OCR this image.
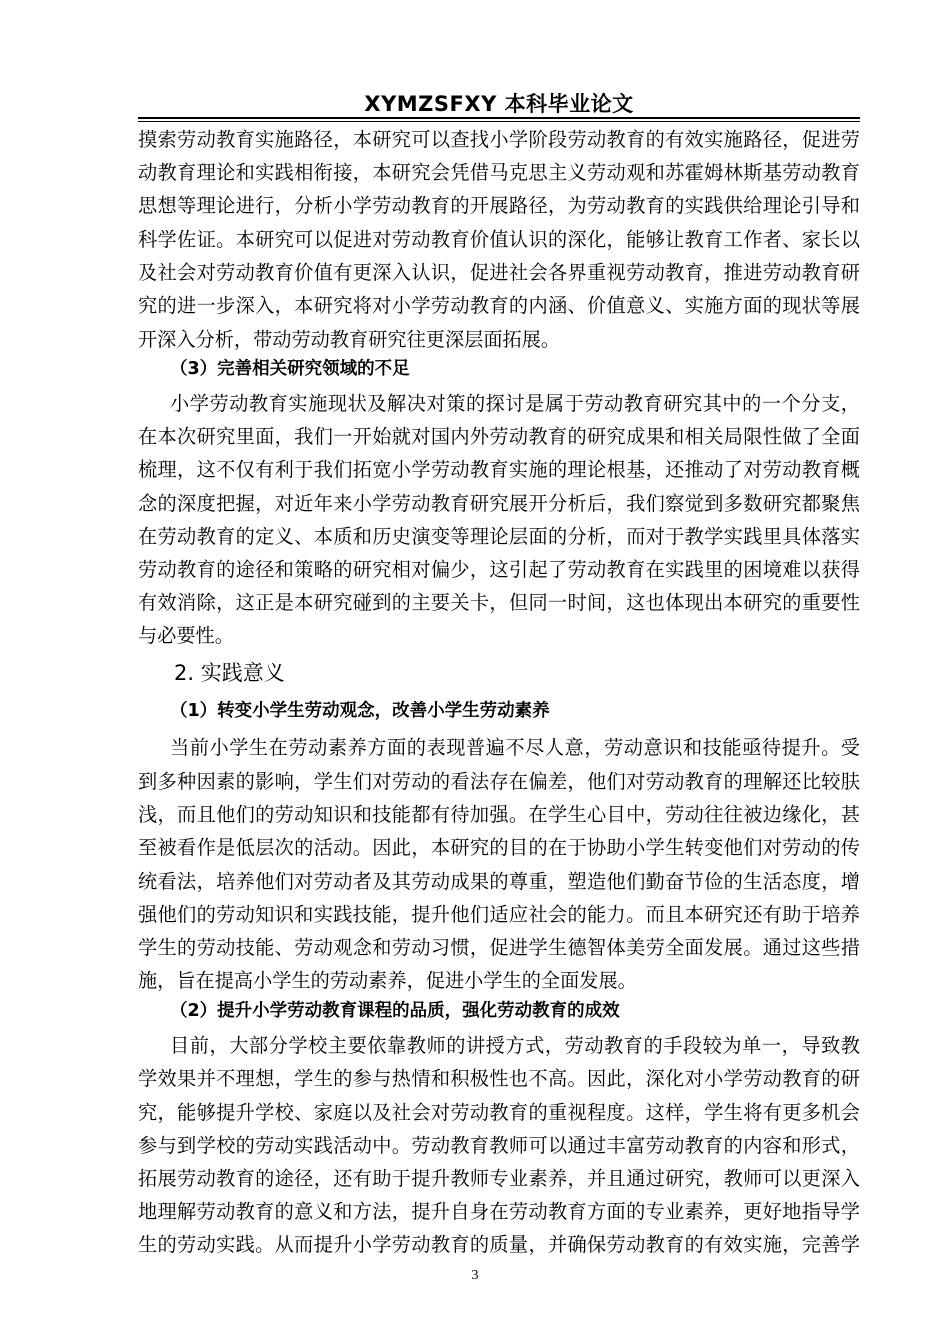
XYMZSFXY 本科毕业论文
摸索劳动教育实施路径，本研究可以查找小学阶段劳动教育的有效实施路径，促进劳
动教育理论和实践相衔接，本研究会凭借马克思主义劳动观和苏霍姆林斯基劳动教育
思想等理论进行，分析小学劳动教育的开展路径，为劳动教育的实践供给理论引导和
科学佐证。本研究可以促进对劳动教育价值认识的深化，能够让教育工作者、家长以
及社会对劳动教育价值有更深入认识，促进社会各界重视劳动教育，推进劳动教育研
究的进一步深入，本研究将对小学劳动教育的内涵、价值意义、实施方面的现状等展
开深入分析，带动劳动教育研究往更深层面拓展。
（3）完善相关研究领域的不足
小学劳动教育实施现状及解决对策的探讨是属于劳动教育研究其中的一个分支，
在本次研究里面，我们一开始就对国内外劳动教育的研究成果和相关局限性做了全面
梳理，这不仅有利于我们拓宽小学劳动教育实施的理论根基，还推动了对劳动教育概
念的深度把握，对近年来小学劳动教育研究展开分析后，我们察觉到多数研究都聚焦
在劳动教育的定义、本质和历史演变等理论层面的分析，而对于教学实践里具体落实
劳动教育的途径和策略的研究相对偏少，这引起了劳动教育在实践里的困境难以获得
有效消除，这正是本研究碰到的主要关卡，但同一时间，这也体现出本研究的重要性
与必要性。
2. 实践意义
（1）转变小学生劳动观念，改善小学生劳动素养
当前小学生在劳动素养方面的表现普遍不尽人意，劳动意识和技能亟待提升。受
到多种因素的影响，学生们对劳动的看法存在偏差，他们对劳动教育的理解还比较肤
浅，而且他们的劳动知识和技能都有待加强。在学生心目中，劳动往往被边缘化，甚
至被看作是低层次的活动。因此，本研究的目的在于协助小学生转变他们对劳动的传
统看法，培养他们对劳动者及其劳动成果的尊重，塑造他们勤奋节俭的生活态度，增
强他们的劳动知识和实践技能，提升他们适应社会的能力。而且本研究还有助于培养
学生的劳动技能、劳动观念和劳动习惯，促进学生德智体美劳全面发展。通过这些措
施，旨在提高小学生的劳动素养，促进小学生的全面发展。
（2）提升小学劳动教育课程的品质，强化劳动教育的成效
目前，大部分学校主要依靠教师的讲授方式，劳动教育的手段较为单一，导致教
学效果并不理想，学生的参与热情和积极性也不高。因此，深化对小学劳动教育的研
究，能够提升学校、家庭以及社会对劳动教育的重视程度。这样，学生将有更多机会
参与到学校的劳动实践活动中。劳动教育教师可以通过丰富劳动教育的内容和形式，
拓展劳动教育的途径，还有助于提升教师专业素养，并且通过研究，教师可以更深入
地理解劳动教育的意义和方法，提升自身在劳动教育方面的专业素养，更好地指导学
生的劳动实践。从而提升小学劳动教育的质量，并确保劳动教育的有效实施，完善学
3
